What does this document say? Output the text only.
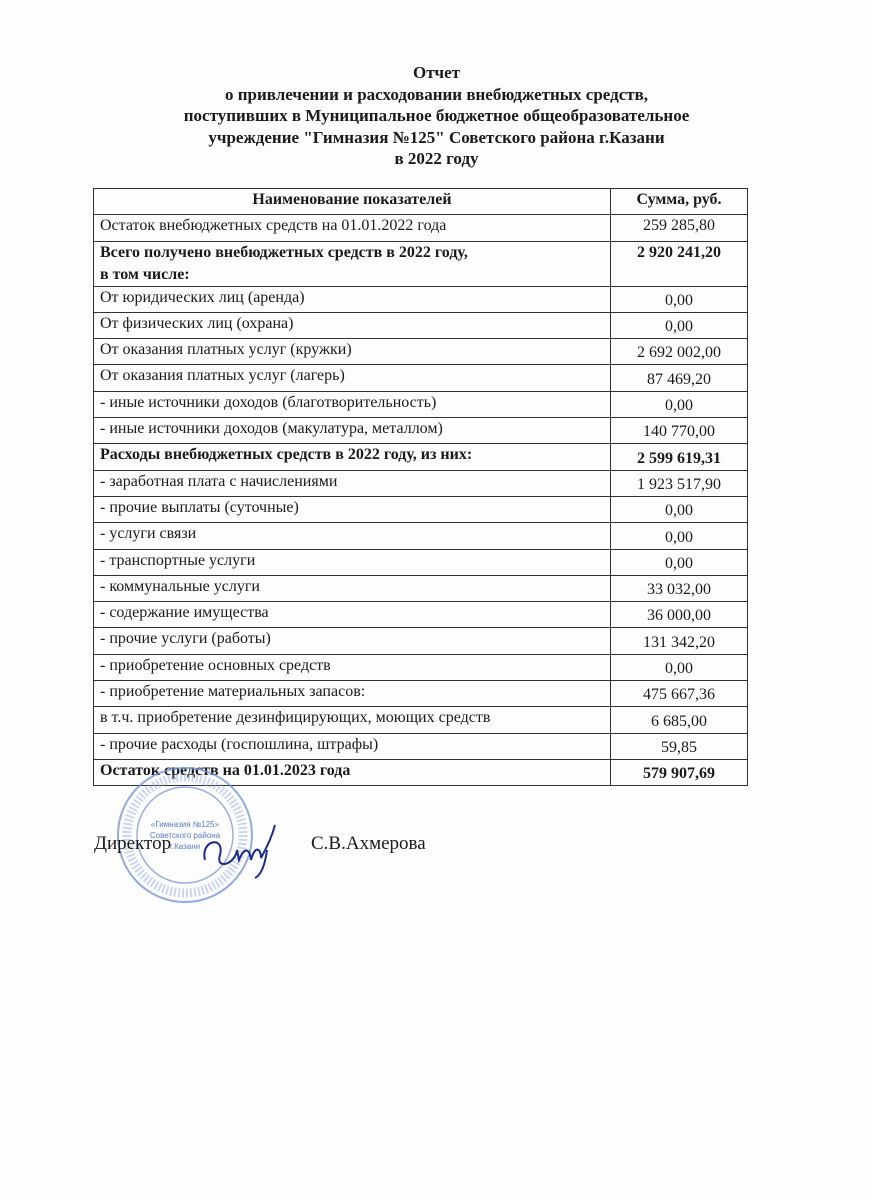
Отчет
о привлечении и расходовании внебюджетных средств,
поступивших в Муниципальное бюджетное общеобразовательное
учреждение "Гимназия №125" Советского района г.Казани
в 2022 году
Наименование показателей	Сумма, руб.

Остаток внебюджетных средств на 01.01.2022 года	259 285,80

Всего получено внебюджетных средств в 2022 году,
в том числе:	2 920 241,20

От юридических лиц (аренда)	0,00

От физических лиц (охрана)	0,00

От оказания платных услуг (кружки)	2 692 002,00

От оказания платных услуг (лагерь)	87 469,20

- иные источники доходов (благотворительность)	0,00

- иные источники доходов (макулатура, металлом)	140 770,00

Расходы внебюджетных средств в 2022 году, из них:	2 599 619,31

- заработная плата с начислениями	1 923 517,90

- прочие выплаты (суточные)	0,00

- услуги связи	0,00

- транспортные услуги	0,00

- коммунальные услуги	33 032,00

- содержание имущества	36 000,00

- прочие услуги (работы)	131 342,20

- приобретение основных средств	0,00

- приобретение материальных запасов:	475 667,36

в т.ч. приобретение дезинфицирующих, моющих средств	6 685,00

- прочие расходы (госпошлина, штрафы)	59,85

Остаток средств на 01.01.2023 года	579 907,69
«Гимназия №125»
Советского района
г.Казани
Директор	С.В.Ахмерова
